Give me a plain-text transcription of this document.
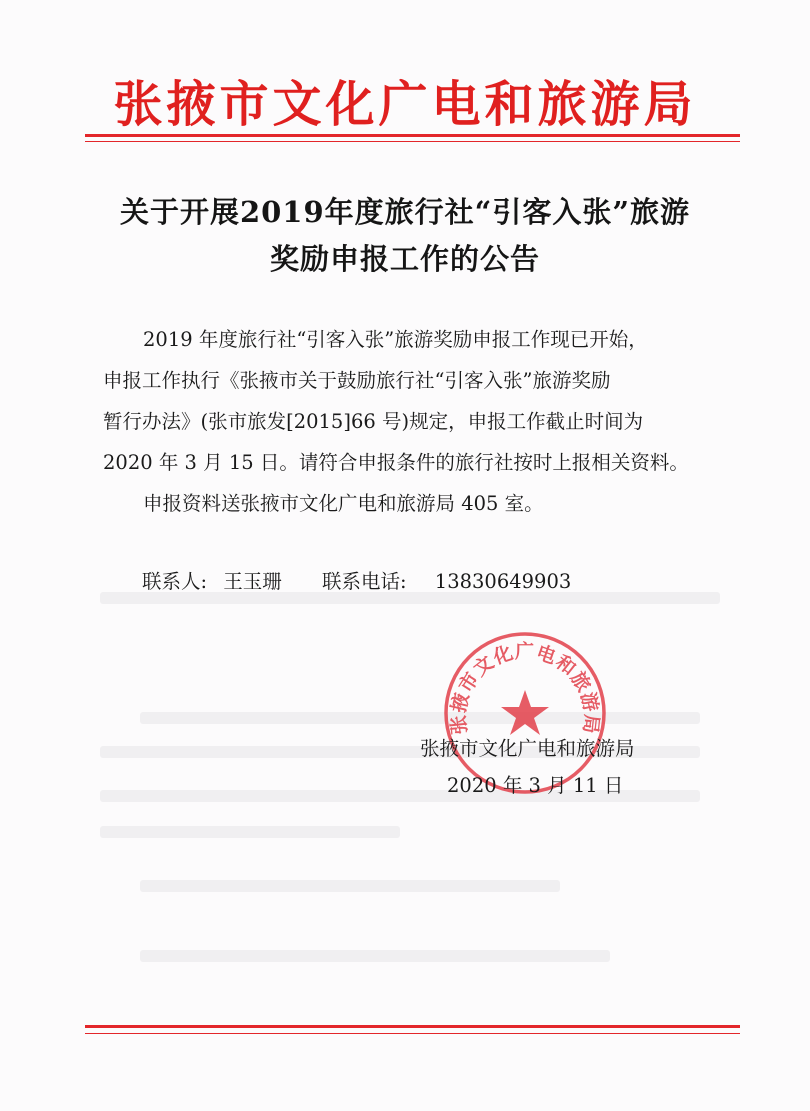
张掖市文化广电和旅游局
关于开展2019年度旅行社“引客入张”旅游
奖励申报工作的公告
2019 年度旅行社“引客入张”旅游奖励申报工作现已开始，
申报工作执行《张掖市关于鼓励旅行社“引客入张”旅游奖励
暂行办法》(张市旅发[2015]66 号)规定，申报工作截止时间为
2020 年 3 月 15 日。请符合申报条件的旅行社按时上报相关资料。
申报资料送张掖市文化广电和旅游局 405 室。
联系人: 王玉珊 联系电话: 13830649903
张掖市文化广电和旅游局
张掖市文化广电和旅游局
2020 年 3 月 11 日
